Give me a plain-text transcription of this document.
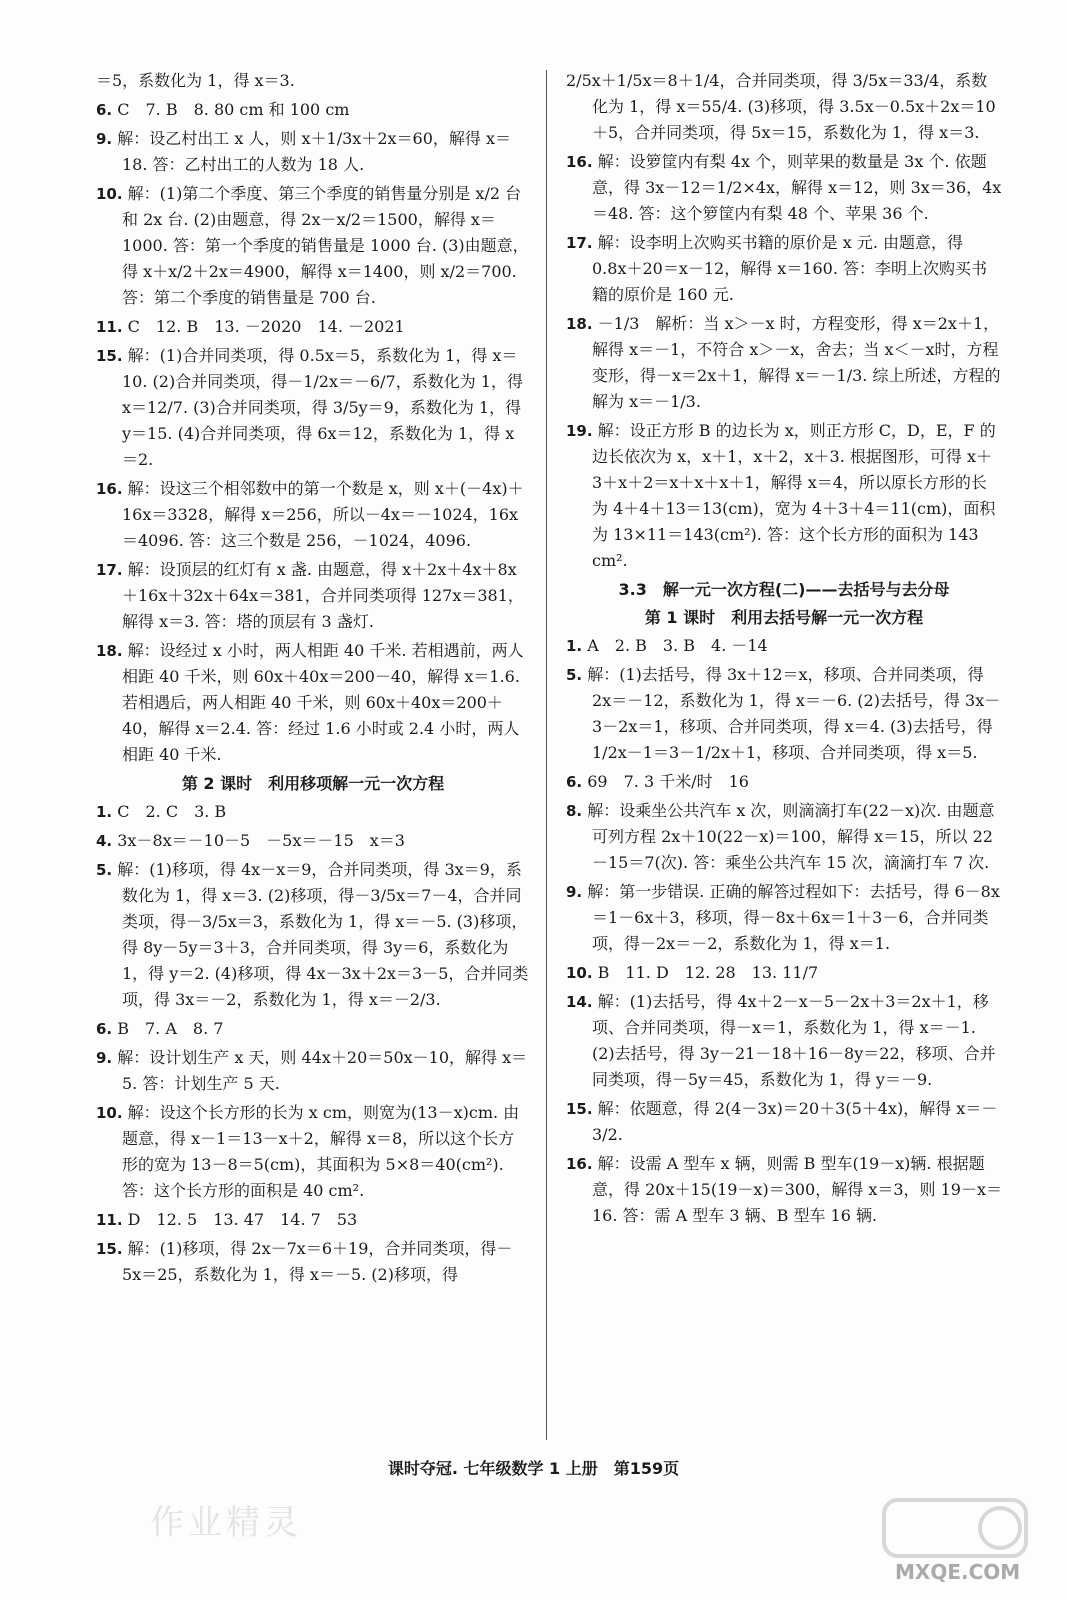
＝5，系数化为 1，得 x＝3.

6. C　7. B　8. 80 cm 和 100 cm

9. 解：设乙村出工 x 人，则 x＋1/3x＋2x＝60，解得 x＝18. 答：乙村出工的人数为 18 人.

10. 解：(1)第二个季度、第三个季度的销售量分别是 x/2 台和 2x 台. (2)由题意，得 2x－x/2＝1500，解得 x＝1000. 答：第一个季度的销售量是 1000 台. (3)由题意，得 x＋x/2＋2x＝4900，解得 x＝1400，则 x/2＝700. 答：第二个季度的销售量是 700 台.

11. C　12. B　13. －2020　14. －2021

15. 解：(1)合并同类项，得 0.5x＝5，系数化为 1，得 x＝10. (2)合并同类项，得－1/2x＝－6/7，系数化为 1，得 x＝12/7. (3)合并同类项，得 3/5y＝9，系数化为 1，得 y＝15. (4)合并同类项，得 6x＝12，系数化为 1，得 x＝2.

16. 解：设这三个相邻数中的第一个数是 x，则 x＋(－4x)＋16x＝3328，解得 x＝256，所以－4x＝－1024，16x＝4096. 答：这三个数是 256，－1024，4096.

17. 解：设顶层的红灯有 x 盏. 由题意，得 x＋2x＋4x＋8x＋16x＋32x＋64x＝381，合并同类项得 127x＝381，解得 x＝3. 答：塔的顶层有 3 盏灯.

18. 解：设经过 x 小时，两人相距 40 千米. 若相遇前，两人相距 40 千米，则 60x＋40x＝200－40，解得 x＝1.6. 若相遇后，两人相距 40 千米，则 60x＋40x＝200＋40，解得 x＝2.4. 答：经过 1.6 小时或 2.4 小时，两人相距 40 千米.

第 2 课时　利用移项解一元一次方程

1. C　2. C　3. B

4. 3x－8x＝－10－5　－5x＝－15　x＝3

5. 解：(1)移项，得 4x－x＝9，合并同类项，得 3x＝9，系数化为 1，得 x＝3. (2)移项，得－3/5x＝7－4，合并同类项，得－3/5x＝3，系数化为 1，得 x＝－5. (3)移项，得 8y－5y＝3＋3，合并同类项，得 3y＝6，系数化为 1，得 y＝2. (4)移项，得 4x－3x＋2x＝3－5，合并同类项，得 3x＝－2，系数化为 1，得 x＝－2/3.

6. B　7. A　8. 7

9. 解：设计划生产 x 天，则 44x＋20＝50x－10，解得 x＝5. 答：计划生产 5 天.

10. 解：设这个长方形的长为 x cm，则宽为(13－x)cm. 由题意，得 x－1＝13－x＋2，解得 x＝8，所以这个长方形的宽为 13－8＝5(cm)，其面积为 5×8＝40(cm²). 答：这个长方形的面积是 40 cm².

11. D　12. 5　13. 47　14. 7　53

15. 解：(1)移项，得 2x－7x＝6＋19，合并同类项，得－5x＝25，系数化为 1，得 x＝－5. (2)移项，得

2/5x＋1/5x＝8＋1/4，合并同类项，得 3/5x＝33/4，系数化为 1，得 x＝55/4. (3)移项，得 3.5x－0.5x＋2x＝10＋5，合并同类项，得 5x＝15，系数化为 1，得 x＝3.

16. 解：设箩筐内有梨 4x 个，则苹果的数量是 3x 个. 依题意，得 3x－12＝1/2×4x，解得 x＝12，则 3x＝36，4x＝48. 答：这个箩筐内有梨 48 个、苹果 36 个.

17. 解：设李明上次购买书籍的原价是 x 元. 由题意，得 0.8x＋20＝x－12，解得 x＝160. 答：李明上次购买书籍的原价是 160 元.

18. －1/3　解析：当 x＞－x 时，方程变形，得 x＝2x＋1，解得 x＝－1，不符合 x＞－x，舍去；当 x＜－x时，方程变形，得－x＝2x＋1，解得 x＝－1/3. 综上所述，方程的解为 x＝－1/3.

19. 解：设正方形 B 的边长为 x，则正方形 C，D，E，F 的边长依次为 x，x＋1，x＋2，x＋3. 根据图形，可得 x＋3＋x＋2＝x＋x＋x＋1，解得 x＝4，所以原长方形的长为 4＋4＋13＝13(cm)，宽为 4＋3＋4＝11(cm)，面积为 13×11＝143(cm²). 答：这个长方形的面积为 143 cm².

3.3　解一元一次方程(二)——去括号与去分母
第 1 课时　利用去括号解一元一次方程

1. A　2. B　3. B　4. －14

5. 解：(1)去括号，得 3x＋12＝x，移项、合并同类项，得 2x＝－12，系数化为 1，得 x＝－6. (2)去括号，得 3x－3－2x＝1，移项、合并同类项，得 x＝4. (3)去括号，得 1/2x－1＝3－1/2x＋1，移项、合并同类项，得 x＝5.

6. 69　7. 3 千米/时　16

8. 解：设乘坐公共汽车 x 次，则滴滴打车(22－x)次. 由题意可列方程 2x＋10(22－x)＝100，解得 x＝15，所以 22－15＝7(次). 答：乘坐公共汽车 15 次，滴滴打车 7 次.

9. 解：第一步错误. 正确的解答过程如下：去括号，得 6－8x＝1－6x＋3，移项，得－8x＋6x＝1＋3－6，合并同类项，得－2x＝－2，系数化为 1，得 x＝1.

10. B　11. D　12. 28　13. 11/7

14. 解：(1)去括号，得 4x＋2－x－5－2x＋3＝2x＋1，移项、合并同类项，得－x＝1，系数化为 1，得 x＝－1. (2)去括号，得 3y－21－18＋16－8y＝22，移项、合并同类项，得－5y＝45，系数化为 1，得 y＝－9.

15. 解：依题意，得 2(4－3x)＝20＋3(5＋4x)，解得 x＝－3/2.

16. 解：设需 A 型车 x 辆，则需 B 型车(19－x)辆. 根据题意，得 20x＋15(19－x)＝300，解得 x＝3，则 19－x＝16. 答：需 A 型车 3 辆、B 型车 16 辆.

课时夺冠. 七年级数学 1 上册　第159页
作业精灵
MXQE.COM
